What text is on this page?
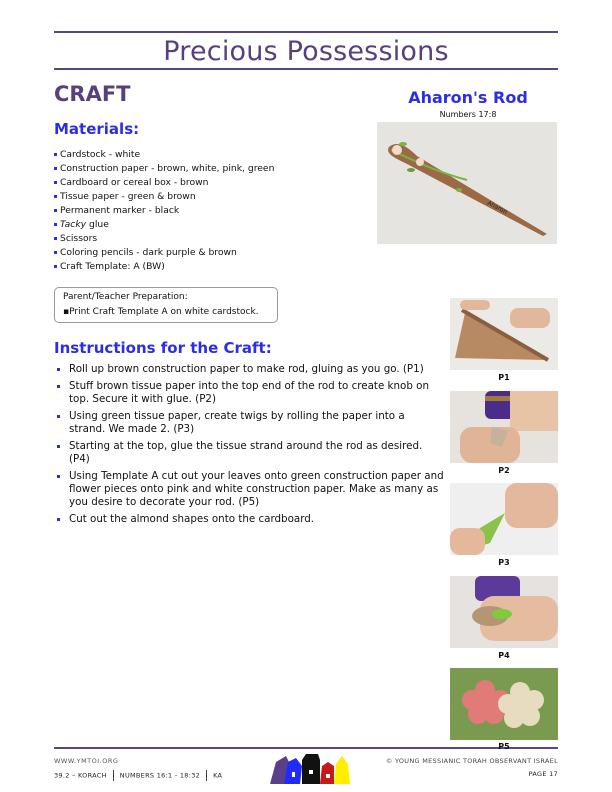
Precious Possessions
CRAFT
Materials:
Cardstock - white
Construction paper - brown, white, pink, green
Cardboard or cereal box - brown
Tissue paper - green & brown
Permanent marker - black
Tacky glue
Scissors
Coloring pencils - dark purple & brown
Craft Template: A (BW)
Parent/Teacher Preparation:
▪Print Craft Template A on white cardstock.
Instructions for the Craft:
Roll up brown construction paper to make rod, gluing as you go. (P1)
Stuff brown tissue paper into the top end of the rod to create knob on top. Secure it with glue. (P2)
Using green tissue paper, create twigs by rolling the paper into a strand. We made 2. (P3)
Starting at the top, glue the tissue strand around the rod as desired. (P4)
Using Template A cut out your leaves onto green construction paper and flower pieces onto pink and white construction paper. Make as many as you desire to decorate your rod. (P5)
Cut out the almond shapes onto the cardboard.
Aharon's Rod
Numbers 17:8
Aharon
P1
P2
P3
P4
P5
WWW.YMTOI.ORG
39.2 – KORACH NUMBERS 16:1 - 18:32 KA
© YOUNG MESSIANIC TORAH OBSERVANT ISRAEL
PAGE 17
